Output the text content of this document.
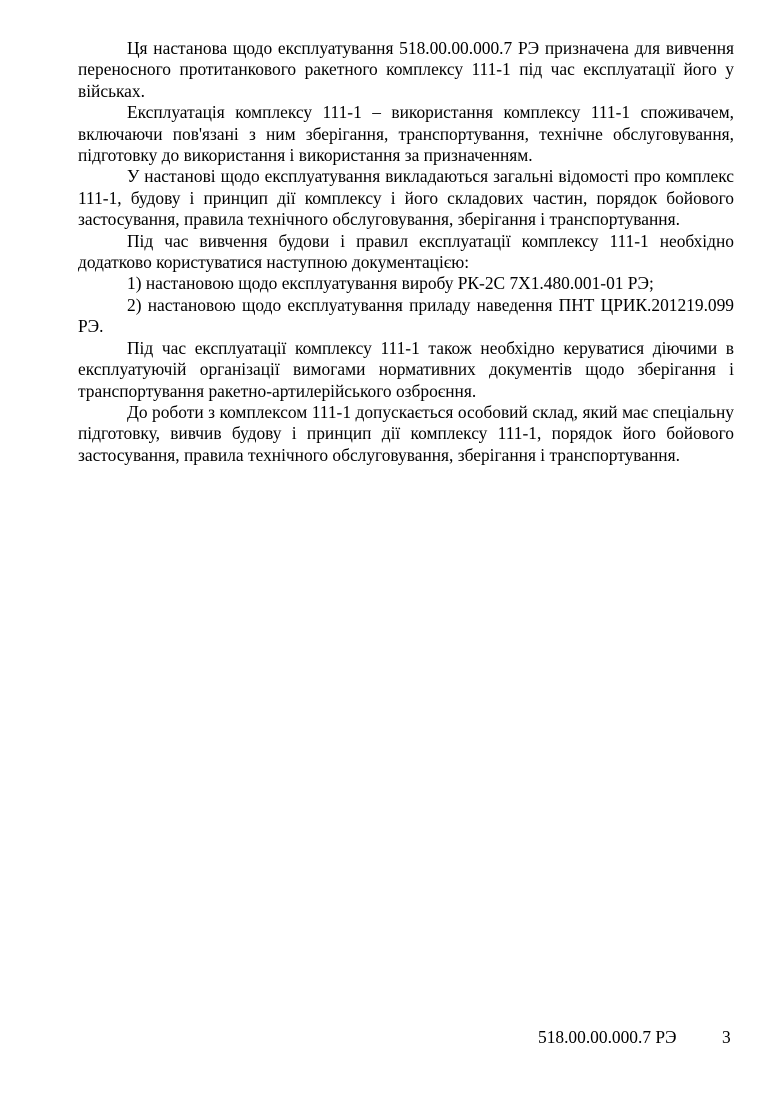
Ця настанова щодо експлуатування 518.00.00.000.7 РЭ призначена для вивчення переносного протитанкового ракетного комплексу 111-1 під час експлуатації його у військах.

Експлуатація комплексу 111-1 – використання комплексу 111-1 споживачем, включаючи пов'язані з ним зберігання, транспортування, технічне обслуговування, підготовку до використання і використання за призначенням.

У настанові щодо експлуатування викладаються загальні відомості про комплекс 111-1, будову і принцип дії комплексу і його складових частин, порядок бойового застосування, правила технічного обслуговування, зберігання і транспортування.

Під час вивчення будови і правил експлуатації комплексу 111-1 необхідно додатково користуватися наступною документацією:

1) настановою щодо експлуатування виробу РК-2С 7Х1.480.001-01 РЭ;

2) настановою щодо експлуатування приладу наведення ПНТ ЦРИК.201219.099 РЭ.

Під час експлуатації комплексу 111-1 також необхідно керуватися діючими в експлуатуючій організації вимогами нормативних документів щодо зберігання і транспортування ракетно-артилерійського озброєння.

До роботи з комплексом 111-1 допускається особовий склад, який має спеціальну підготовку, вивчив будову і принцип дії комплексу 111-1, порядок його бойового застосування, правила технічного обслуговування, зберігання і транспортування.

518.00.00.000.7 РЭ	3
